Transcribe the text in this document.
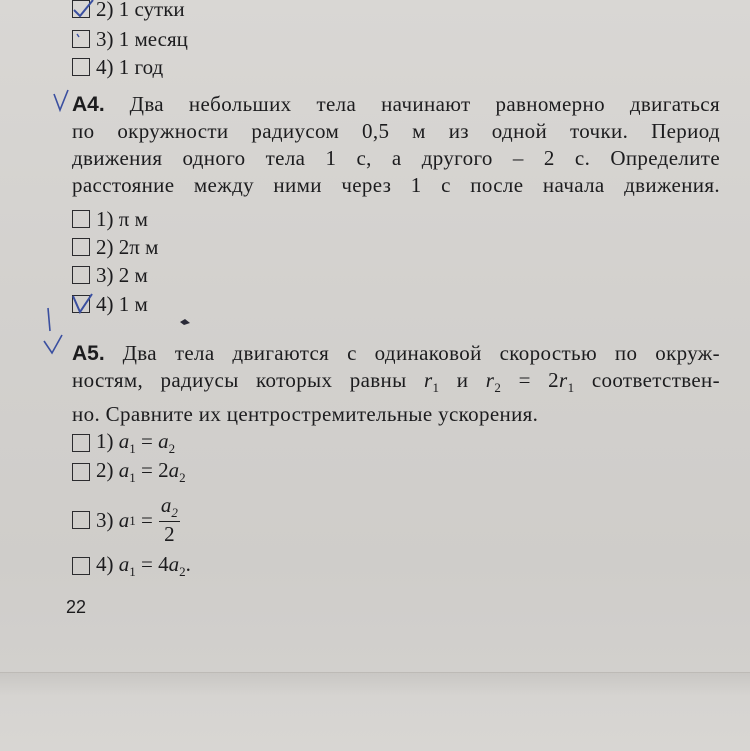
2) 1 сутки
3) 1 месяц
4) 1 год
А4. Два небольших тела начинают равномерно двигаться
по окружности радиусом 0,5 м из одной точки. Период
движения одного тела 1 с, а другого – 2 с. Определите
расстояние между ними через 1 с после начала движения.
1) π м
2) 2π м
3) 2 м
4) 1 м
А5. Два тела двигаются с одинаковой скоростью по окруж-
ностям, радиусы которых равны $r_1$ и $r_2 = 2r_1$ соответствен-
но. Сравните их центростремительные ускорения.
1) $a_1 = a_2$
2) $a_1 = 2a_2$
3)
a 1
= $\frac{a_2}{2}$
4) $a_1 = 4a_2$.
22
